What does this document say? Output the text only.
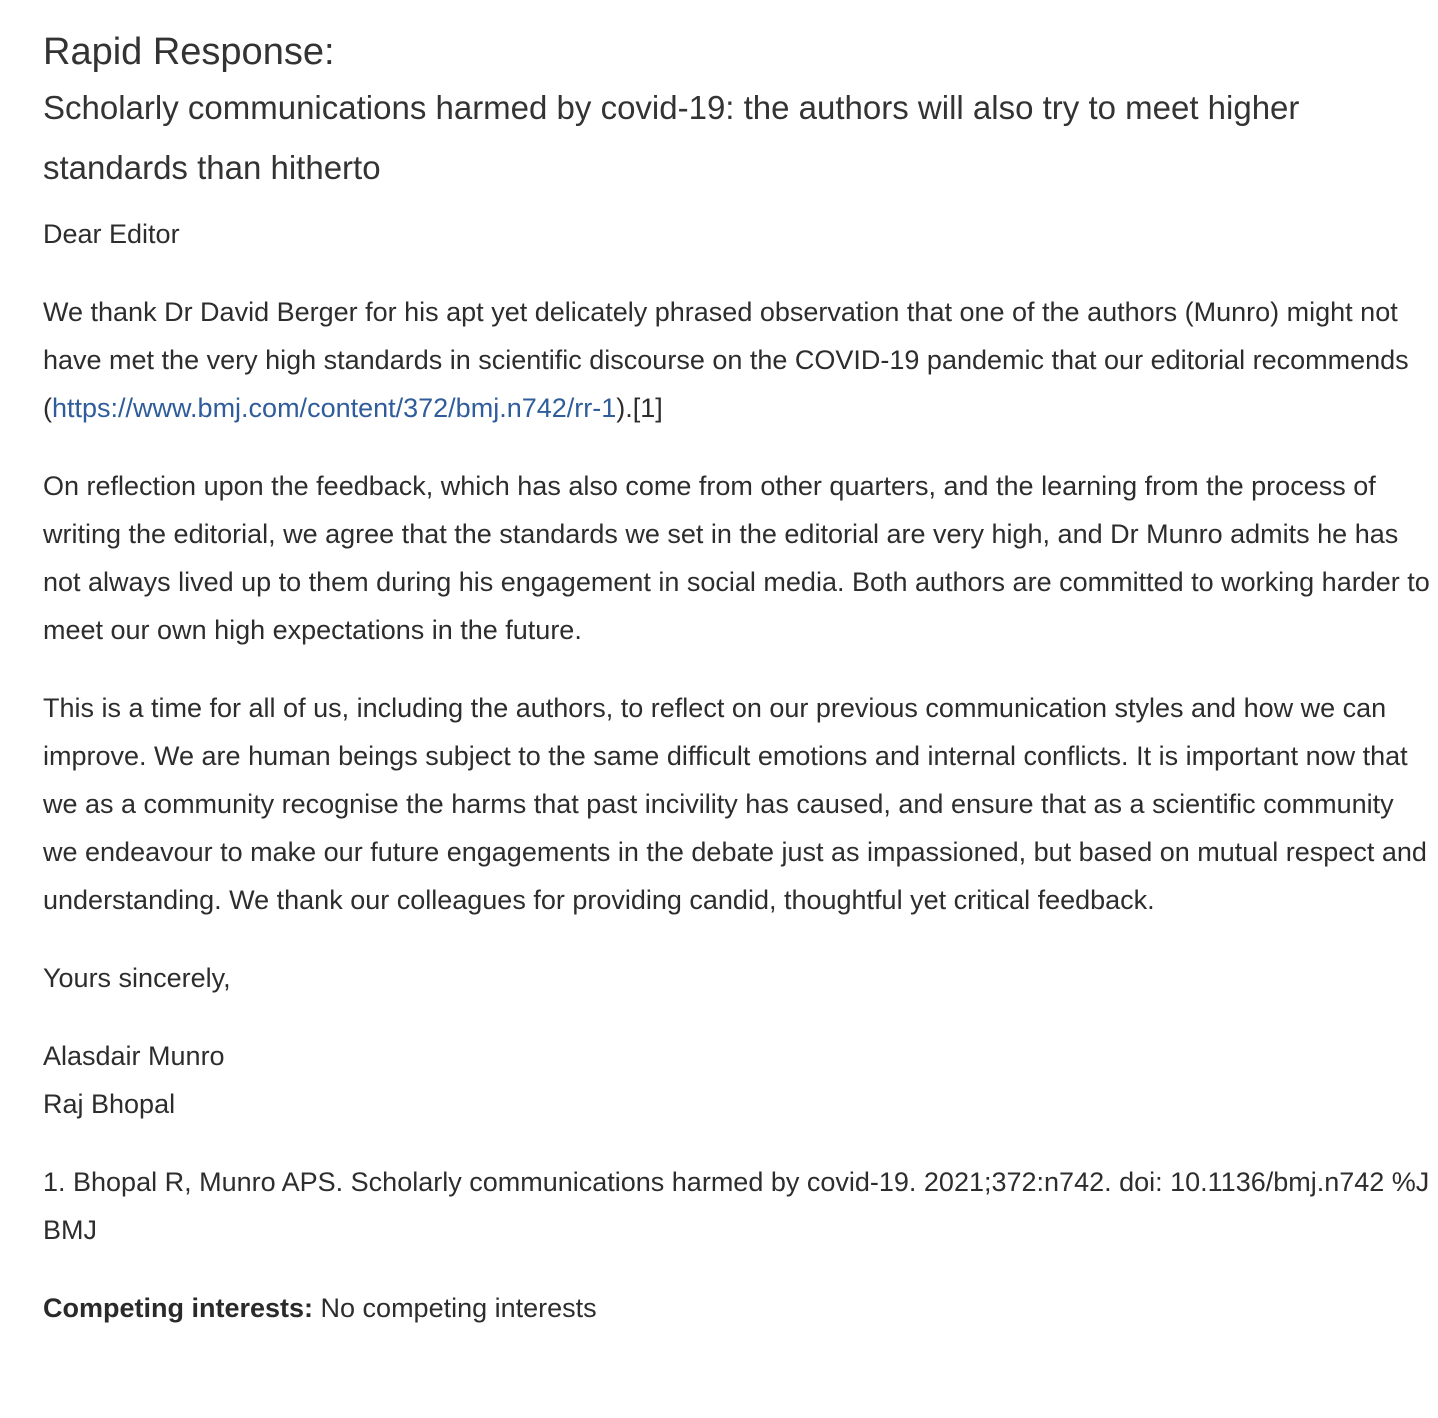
Rapid Response:
Scholarly communications harmed by covid-19: the authors will also try to meet higher standards than hitherto

Dear Editor

We thank Dr David Berger for his apt yet delicately phrased observation that one of the authors (Munro) might not have met the very high standards in scientific discourse on the COVID-19 pandemic that our editorial recommends (https://www.bmj.com/content/372/bmj.n742/rr-1).[1]

On reflection upon the feedback, which has also come from other quarters, and the learning from the process of writing the editorial, we agree that the standards we set in the editorial are very high, and Dr Munro admits he has not always lived up to them during his engagement in social media. Both authors are committed to working harder to meet our own high expectations in the future.

This is a time for all of us, including the authors, to reflect on our previous communication styles and how we can improve. We are human beings subject to the same difficult emotions and internal conflicts. It is important now that we as a community recognise the harms that past incivility has caused, and ensure that as a scientific community we endeavour to make our future engagements in the debate just as impassioned, but based on mutual respect and understanding. We thank our colleagues for providing candid, thoughtful yet critical feedback.

Yours sincerely,

Alasdair Munro
Raj Bhopal

1. Bhopal R, Munro APS. Scholarly communications harmed by covid-19. 2021;372:n742. doi: 10.1136/bmj.n742 %J BMJ

Competing interests: No competing interests
